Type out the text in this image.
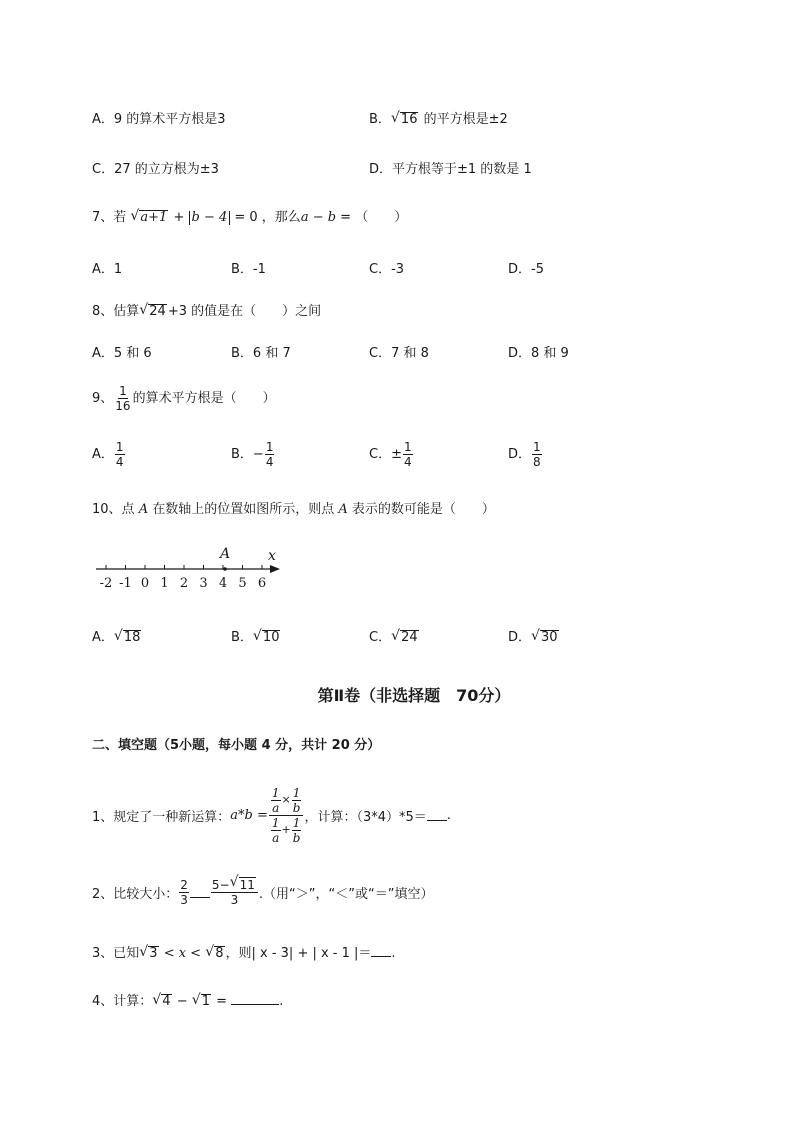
A．9 的算术平方根是3	B． √ 16 的平方根是±2
C．27 的立方根为±3	D．平方根等于±1 的数是 1
7、若 √ a+1 + b − 4 = 0 ，那么a − b = （　　）
A．1	B．-1	C．-3	D．-5
8、估算 √ 24 +3 的值是在（　　）之间
A．5 和 6	B．6 和 7	C．7 和 8	D．8 和 9
9、 $\frac{1}{16}$ 的算术平方根是（　　）
A． $\frac{1}{4}$	B．− $\frac{1}{4}$	C．± $\frac{1}{4}$	D． $\frac{1}{8}$
10、点 A 在数轴上的位置如图所示，则点 A 表示的数可能是（　　）
-2 -1 0 1 2 3 4 5 6
A	x
A． √ 18	B． √ 10	C． √ 24	D． √ 30
第Ⅱ卷（非选择题　70分）
二、填空题（5小题，每小题 4 分，共计 20 分）
1、规定了一种新运算： $a*b = \frac{\frac{1}{a} \times \frac{1}{b}}{\frac{1}{a} + \frac{1}{b}}$ ，计算：（3*4）*5＝ .
2、比较大小： $\frac{2}{3} \frac{5- √ 11}{3}$ .（用“＞”，“＜”或“＝”填空）
3、已知 √ 3 < x < √ 8 ，则| x - 3| + | x - 1 |＝ .
4、计算： √ 4 − √ 1 =	.
